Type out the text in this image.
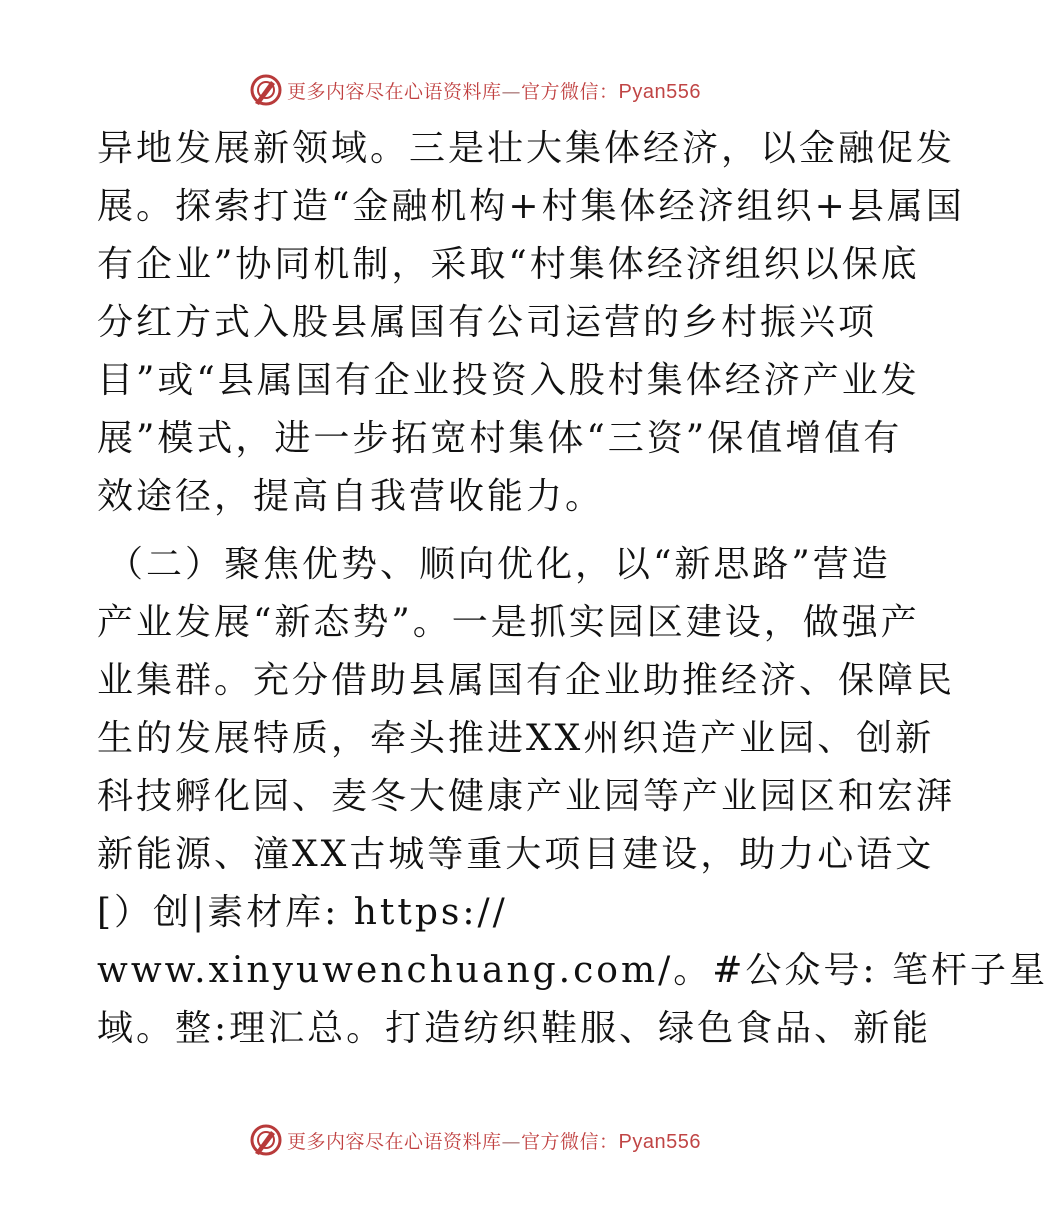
更多内容尽在心语资料库—官方微信：Pyan556
异地发展新领域。三是壮大集体经济，以金融促发
展。探索打造“金融机构+村集体经济组织+县属国
有企业”协同机制，采取“村集体经济组织以保底
分红方式入股县属国有公司运营的乡村振兴项
目”或“县属国有企业投资入股村集体经济产业发
展”模式，进一步拓宽村集体“三资”保值增值有
效途径，提高自我营收能力。
（二）聚焦优势、顺向优化，以“新思路”营造
产业发展“新态势”。一是抓实园区建设，做强产
业集群。充分借助县属国有企业助推经济、保障民
生的发展特质，牵头推进XX州织造产业园、创新
科技孵化园、麦冬大健康产业园等产业园区和宏湃
新能源、潼XX古城等重大项目建设，助力心语文
[）创|素材库: https://
www.xinyuwenchuang.com/。#公众号: 笔杆子星
域。整:理汇总。打造纺织鞋服、绿色食品、新能
更多内容尽在心语资料库—官方微信：Pyan556
